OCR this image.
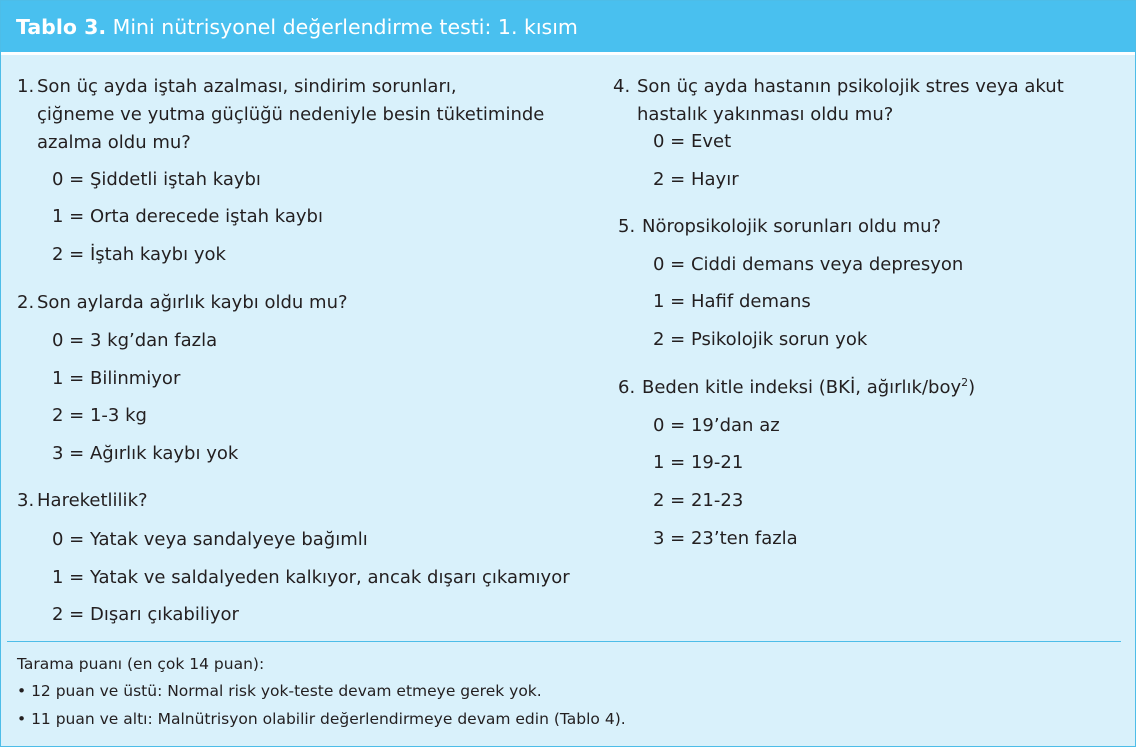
Tablo 3. Mini nütrisyonel değerlendirme testi: 1. kısım
1. Son üç ayda iştah azalması, sindirim sorunları,
çiğneme ve yutma güçlüğü nedeniyle besin tüketiminde
azalma oldu mu?
0 = Şiddetli iştah kaybı
1 = Orta derecede iştah kaybı
2 = İştah kaybı yok
2. Son aylarda ağırlık kaybı oldu mu?
0 = 3 kg’dan fazla
1 = Bilinmiyor
2 = 1-3 kg
3 = Ağırlık kaybı yok
3. Hareketlilik?
0 = Yatak veya sandalyeye bağımlı
1 = Yatak ve saldalyeden kalkıyor, ancak dışarı çıkamıyor
2 = Dışarı çıkabiliyor
4. Son üç ayda hastanın psikolojik stres veya akut
hastalık yakınması oldu mu?
0 = Evet
2 = Hayır
5. Nöropsikolojik sorunları oldu mu?
0 = Ciddi demans veya depresyon
1 = Hafif demans
2 = Psikolojik sorun yok
6. Beden kitle indeksi (BKİ, ağırlık/boy$^2$)
0 = 19’dan az
1 = 19-21
2 = 21-23
3 = 23’ten fazla
Tarama puanı (en çok 14 puan):
• 12 puan ve üstü: Normal risk yok-teste devam etmeye gerek yok.
• 11 puan ve altı: Malnütrisyon olabilir değerlendirmeye devam edin (Tablo 4).
